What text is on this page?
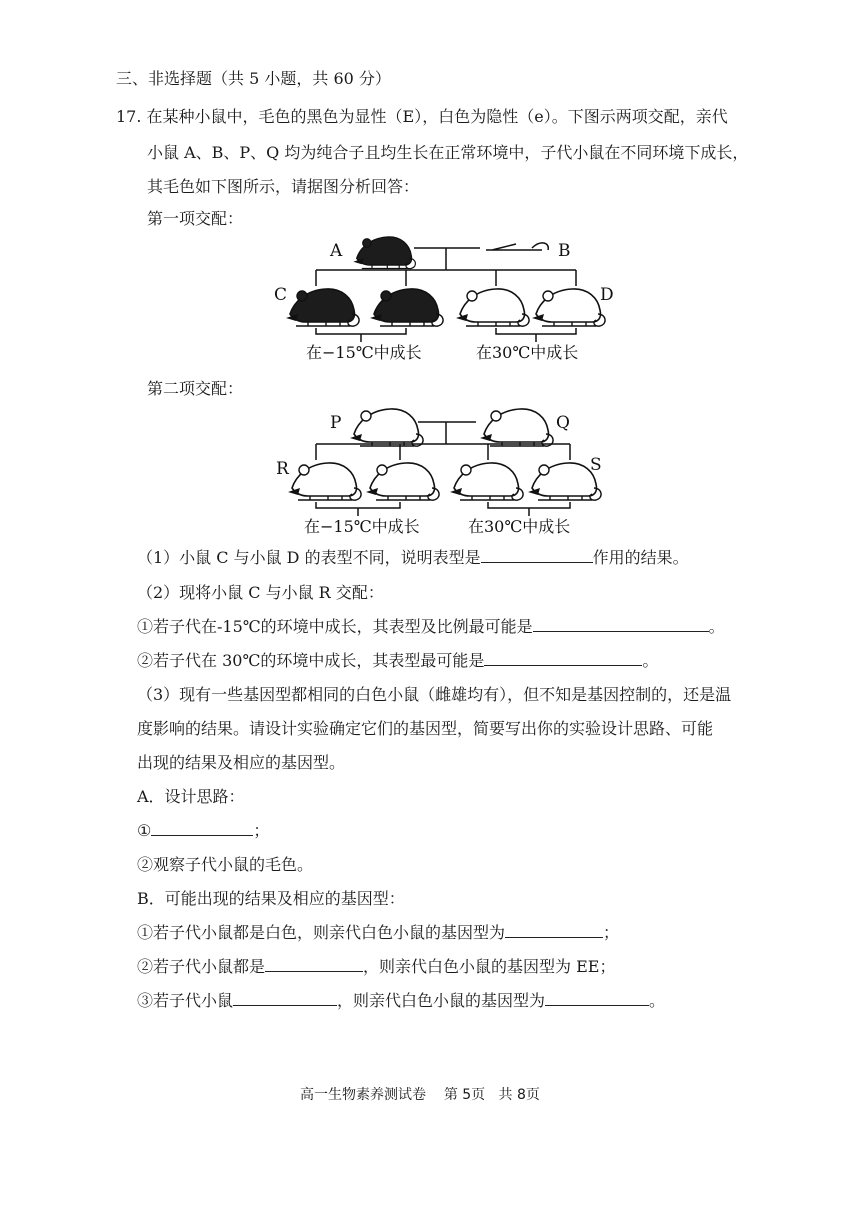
三、非选择题（共 5 小题，共 60 分）
17. 在某种小鼠中，毛色的黑色为显性（E），白色为隐性（e）。下图示两项交配，亲代
小鼠 A、B、P、Q 均为纯合子且均生长在正常环境中，子代小鼠在不同环境下成长，
其毛色如下图所示，请据图分析回答：
第一项交配：
A	B
C	D
在−15℃中成长	在30℃中成长
第二项交配：
P	Q
R	S
在−15℃中成长	在30℃中成长
（1）小鼠 C 与小鼠 D 的表型不同，说明表型是	作用的结果。
（2）现将小鼠 C 与小鼠 R 交配：
①若子代在-15℃的环境中成长，其表型及比例最可能是	。
②若子代在 30℃的环境中成长，其表型最可能是	。
（3）现有一些基因型都相同的白色小鼠（雌雄均有），但不知是基因控制的，还是温
度影响的结果。请设计实验确定它们的基因型，简要写出你的实验设计思路、可能
出现的结果及相应的基因型。
A．设计思路：
①	；
②观察子代小鼠的毛色。
B．可能出现的结果及相应的基因型：
①若子代小鼠都是白色，则亲代白色小鼠的基因型为	；
②若子代小鼠都是	，则亲代白色小鼠的基因型为 EE；
③若子代小鼠	，则亲代白色小鼠的基因型为	。
高一生物素养测试卷 第 5页 共 8页
